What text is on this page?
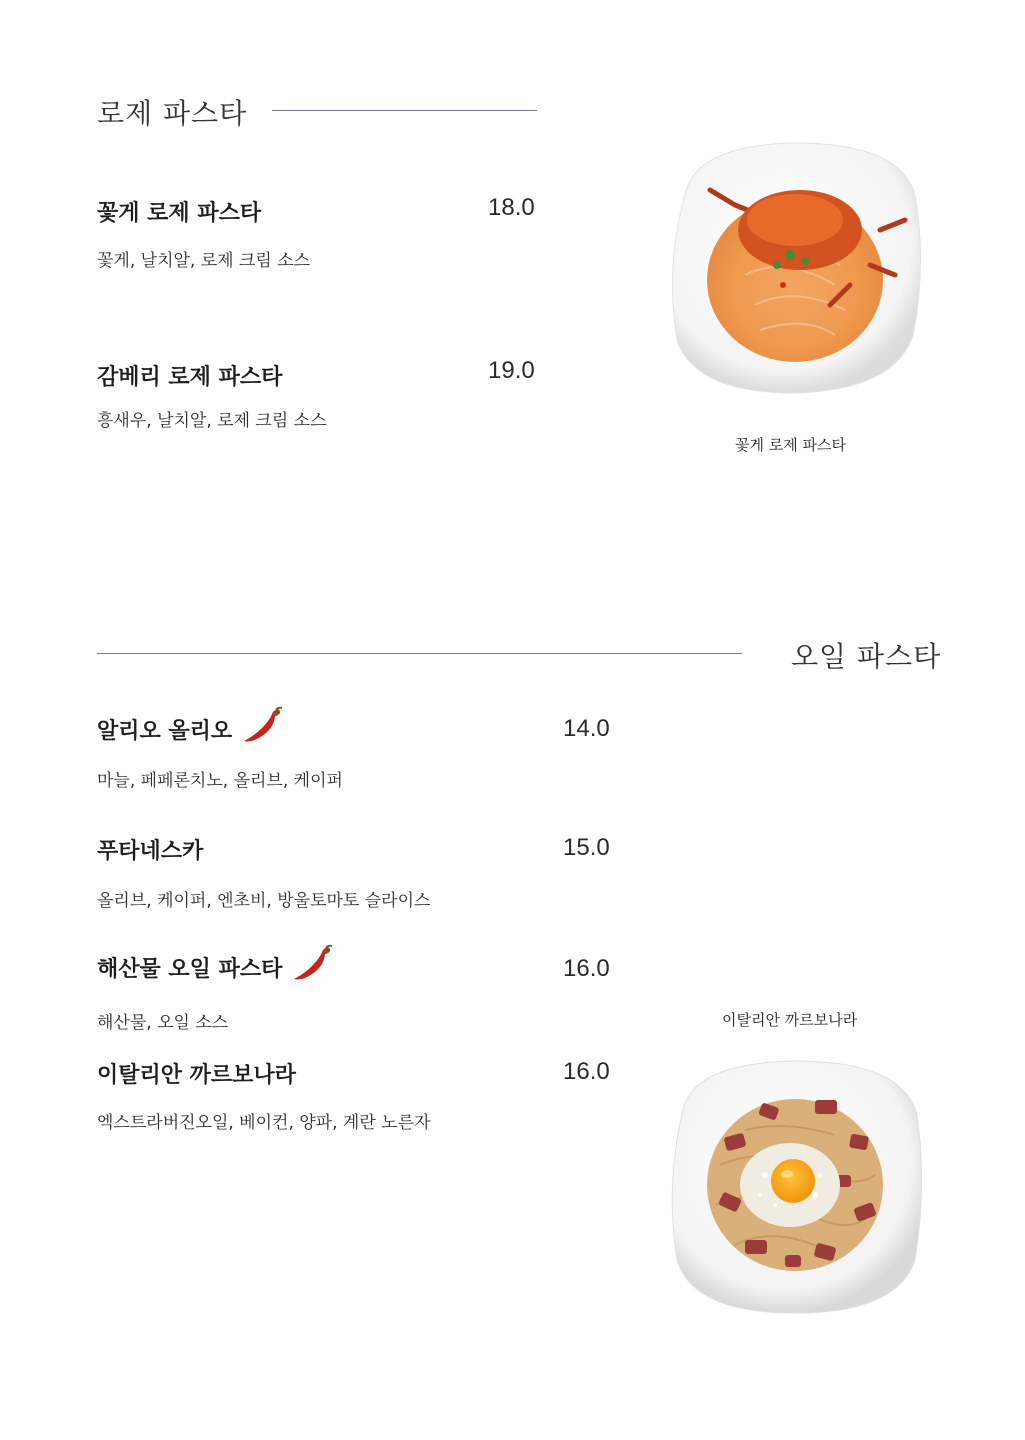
로제 파스타
꽃게 로제 파스타	18.0
꽃게, 날치알, 로제 크림 소스
감베리 로제 파스타	19.0
흥새우, 날치알, 로제 크림 소스
꽃게 로제 파스타
오일 파스타
알리오 올리오	14.0
마늘, 페페론치노, 올리브, 케이퍼
푸타네스카	15.0
올리브, 케이퍼, 엔초비, 방울토마토 슬라이스
해산물 오일 파스타	16.0
해산물, 오일 소스
이탈리안 까르보나라	16.0
엑스트라버진오일, 베이컨, 양파, 계란 노른자
이탈리안 까르보나라
